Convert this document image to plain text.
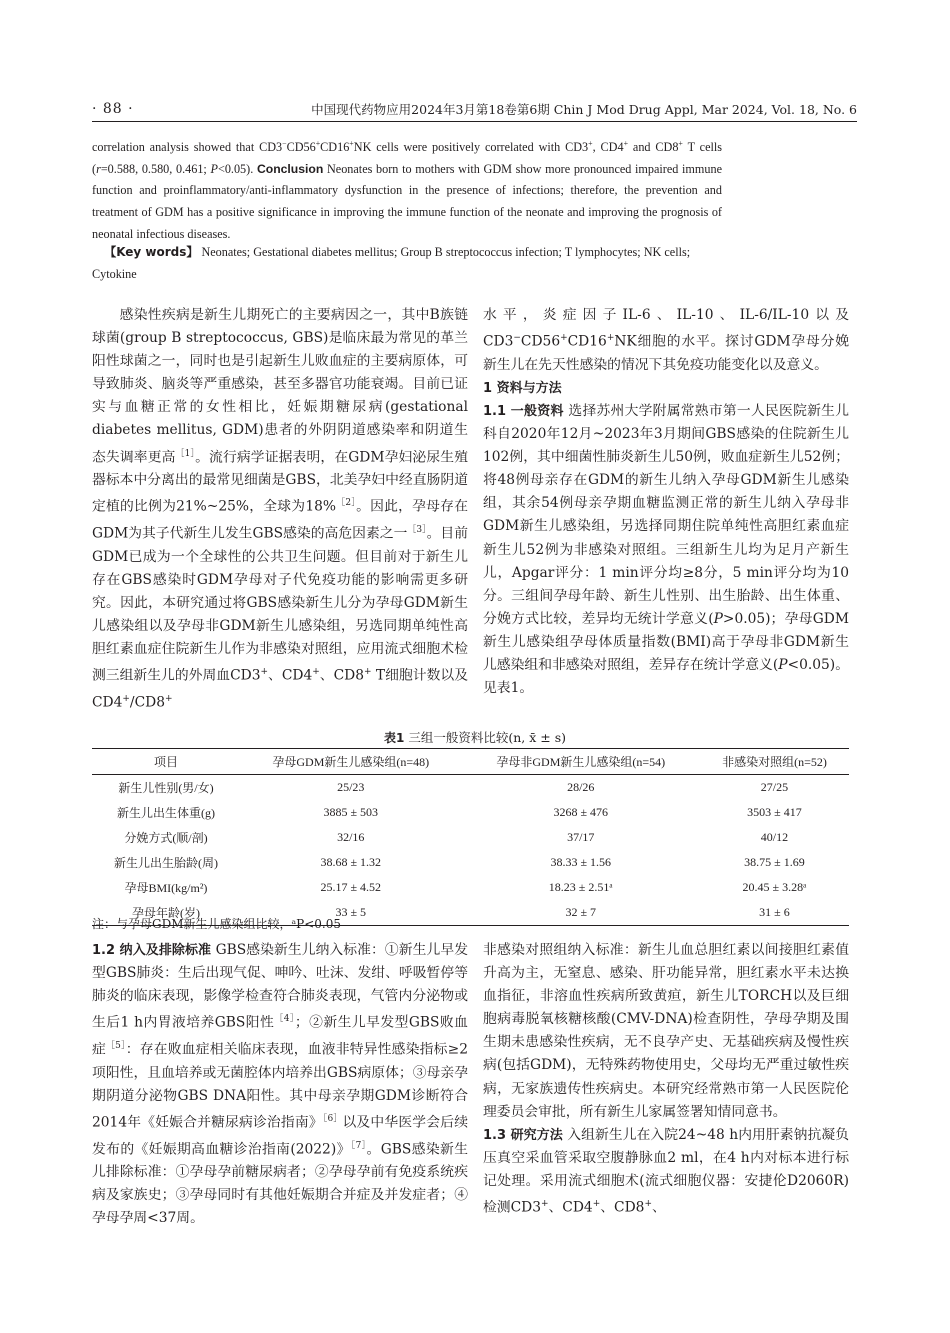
· 88 ·	中国现代药物应用2024年3月第18卷第6期 Chin J Mod Drug Appl, Mar 2024, Vol. 18, No. 6
correlation analysis showed that CD3−CD56+CD16+NK cells were positively correlated with CD3+, CD4+ and CD8+ T cells (r=0.588, 0.580, 0.461; P<0.05). Conclusion Neonates born to mothers with GDM show more pronounced impaired immune function and proinflammatory/anti-inflammatory dysfunction in the presence of infections; therefore, the prevention and treatment of GDM has a positive significance in improving the immune function of the neonate and improving the prognosis of neonatal infectious diseases.
 【Key words】 Neonates; Gestational diabetes mellitus; Group B streptococcus infection; T lymphocytes; NK cells; Cytokine

感染性疾病是新生儿期死亡的主要病因之一，其中B族链球菌(group B streptococcus, GBS)是临床最为常见的革兰阳性球菌之一，同时也是引起新生儿败血症的主要病原体，可导致肺炎、脑炎等严重感染，甚至多器官功能衰竭。目前已证实与血糖正常的女性相比，妊娠期糖尿病(gestational diabetes mellitus, GDM)患者的外阴阴道感染率和阴道生态失调率更高$^{[1]}$。流行病学证据表明，在GDM孕妇泌尿生殖器标本中分离出的最常见细菌是GBS，北美孕妇中经直肠阴道定植的比例为21%~25%，全球为18%$^{[2]}$。因此，孕母存在GDM为其子代新生儿发生GBS感染的高危因素之一$^{[3]}$。目前GDM已成为一个全球性的公共卫生问题。但目前对于新生儿存在GBS感染时GDM孕母对子代免疫功能的影响需更多研究。因此，本研究通过将GBS感染新生儿分为孕母GDM新生儿感染组以及孕母非GDM新生儿感染组，另选同期单纯性高胆红素血症住院新生儿作为非感染对照组，应用流式细胞术检测三组新生儿的外周血CD3+、CD4+、CD8+ T细胞计数以及CD4+/CD8+

水平，炎症因子IL-6、IL-10、IL-6/IL-10以及CD3−CD56+CD16+NK细胞的水平。探讨GDM孕母分娩新生儿在先天性感染的情况下其免疫功能变化以及意义。

1 资料与方法

1.1 一般资料 选择苏州大学附属常熟市第一人民医院新生儿科自2020年12月~2023年3月期间GBS感染的住院新生儿102例，其中细菌性肺炎新生儿50例，败血症新生儿52例；将48例母亲存在GDM的新生儿纳入孕母GDM新生儿感染组，其余54例母亲孕期血糖监测正常的新生儿纳入孕母非GDM新生儿感染组，另选择同期住院单纯性高胆红素血症新生儿52例为非感染对照组。三组新生儿均为足月产新生儿，Apgar评分：1 min评分均≥8分，5 min评分均为10分。三组间孕母年龄、新生儿性别、出生胎龄、出生体重、分娩方式比较，差异均无统计学意义(P>0.05)；孕母GDM新生儿感染组孕母体质量指数(BMI)高于孕母非GDM新生儿感染组和非感染对照组，差异存在统计学意义(P<0.05)。见表1。

表1 三组一般资料比较(n, x̄ ± s)
项目	孕母GDM新生儿感染组(n=48)	孕母非GDM新生儿感染组(n=54)	非感染对照组(n=52)
新生儿性别(男/女)	25/23	28/26	27/25
新生儿出生体重(g)	3885 ± 503	3268 ± 476	3503 ± 417
分娩方式(顺/剖)	32/16	37/17	40/12
新生儿出生胎龄(周)	38.68 ± 1.32	38.33 ± 1.56	38.75 ± 1.69
孕母BMI(kg/m²)	25.17 ± 4.52	18.23 ± 2.51ᵃ	20.45 ± 3.28ᵃ
孕母年龄(岁)	33 ± 5	32 ± 7	31 ± 6
注：与孕母GDM新生儿感染组比较，ᵃP<0.05

1.2 纳入及排除标准 GBS感染新生儿纳入标准：①新生儿早发型GBS肺炎：生后出现气促、呻吟、吐沫、发绀、呼吸暂停等肺炎的临床表现，影像学检查符合肺炎表现，气管内分泌物或生后1 h内胃液培养GBS阳性$^{[4]}$；②新生儿早发型GBS败血症$^{[5]}$：存在败血症相关临床表现，血液非特异性感染指标≥2项阳性，且血培养或无菌腔体内培养出GBS病原体；③母亲孕期阴道分泌物GBS DNA阳性。其中母亲孕期GDM诊断符合2014年《妊娠合并糖尿病诊治指南》$^{[6]}$以及中华医学会后续发布的《妊娠期高血糖诊治指南(2022)》$^{[7]}$。GBS感染新生儿排除标准：①孕母孕前糖尿病者；②孕母孕前有免疫系统疾病及家族史；③孕母同时有其他妊娠期合并症及并发症者；④孕母孕周<37周。

非感染对照组纳入标准：新生儿血总胆红素以间接胆红素值升高为主，无窒息、感染、肝功能异常，胆红素水平未达换血指征，非溶血性疾病所致黄疸，新生儿TORCH以及巨细胞病毒脱氧核糖核酸(CMV-DNA)检查阴性，孕母孕期及围生期未患感染性疾病，无不良孕产史、无基础疾病及慢性疾病(包括GDM)，无特殊药物使用史，父母均无严重过敏性疾病，无家族遗传性疾病史。本研究经常熟市第一人民医院伦理委员会审批，所有新生儿家属签署知情同意书。

1.3 研究方法 入组新生儿在入院24~48 h内用肝素钠抗凝负压真空采血管采取空腹静脉血2 ml，在4 h内对标本进行标记处理。采用流式细胞术(流式细胞仪器：安捷伦D2060R)检测CD3+、CD4+、CD8+、
